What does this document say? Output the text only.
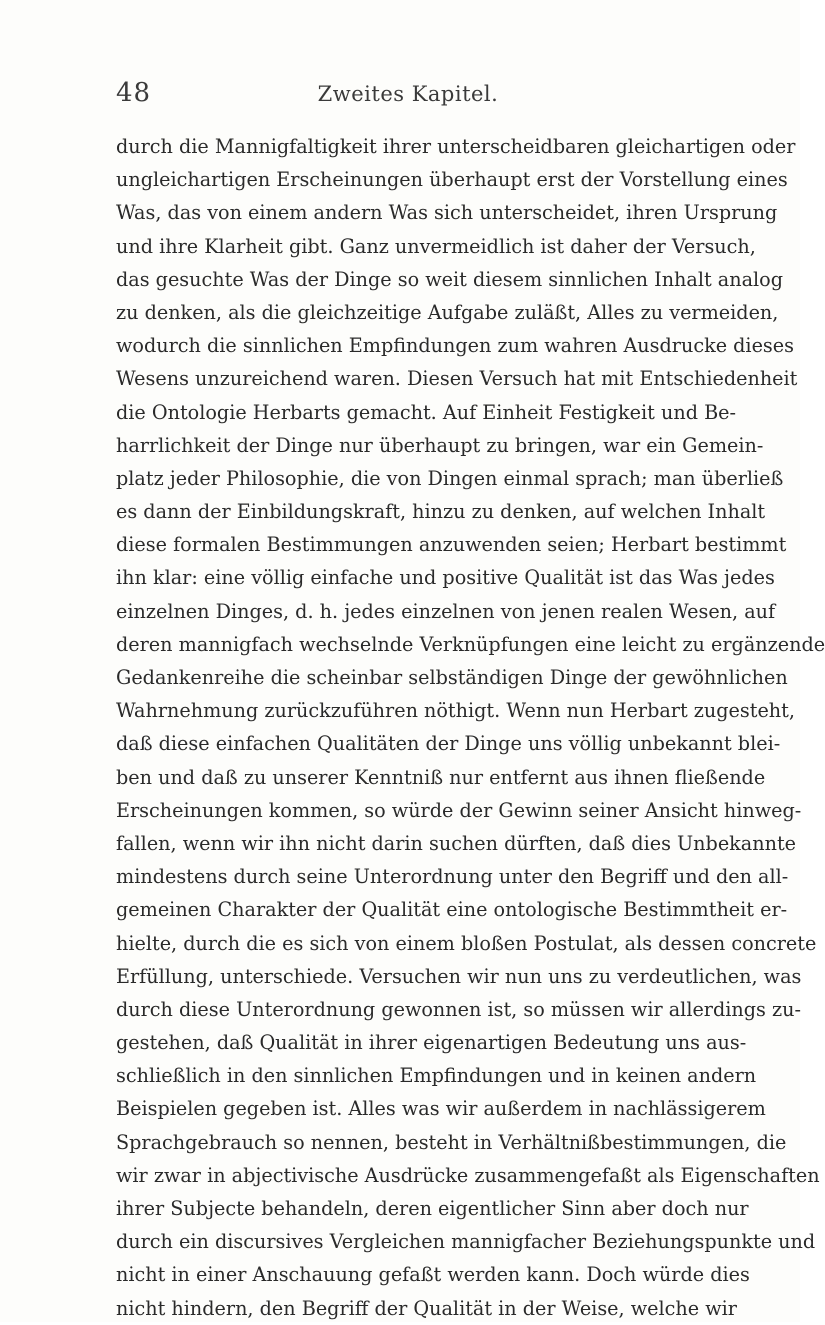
48	Zweites Kapitel.
durch die Mannigfaltigkeit ihrer unterscheidbaren gleichartigen oder
ungleichartigen Erscheinungen überhaupt erst der Vorstellung eines
Was, das von einem andern Was sich unterscheidet, ihren Ursprung
und ihre Klarheit gibt. Ganz unvermeidlich ist daher der Versuch,
das gesuchte Was der Dinge so weit diesem sinnlichen Inhalt analog
zu denken, als die gleichzeitige Aufgabe zuläßt, Alles zu vermeiden,
wodurch die sinnlichen Empfindungen zum wahren Ausdrucke dieses
Wesens unzureichend waren. Diesen Versuch hat mit Entschiedenheit
die Ontologie Herbarts gemacht. Auf Einheit Festigkeit und Be-
harrlichkeit der Dinge nur überhaupt zu bringen, war ein Gemein-
platz jeder Philosophie, die von Dingen einmal sprach; man überließ
es dann der Einbildungskraft, hinzu zu denken, auf welchen Inhalt
diese formalen Bestimmungen anzuwenden seien; Herbart bestimmt
ihn klar: eine völlig einfache und positive Qualität ist das Was jedes
einzelnen Dinges, d. h. jedes einzelnen von jenen realen Wesen, auf
deren mannigfach wechselnde Verknüpfungen eine leicht zu ergänzende
Gedankenreihe die scheinbar selbständigen Dinge der gewöhnlichen
Wahrnehmung zurückzuführen nöthigt. Wenn nun Herbart zugesteht,
daß diese einfachen Qualitäten der Dinge uns völlig unbekannt blei-
ben und daß zu unserer Kenntniß nur entfernt aus ihnen fließende
Erscheinungen kommen, so würde der Gewinn seiner Ansicht hinweg-
fallen, wenn wir ihn nicht darin suchen dürften, daß dies Unbekannte
mindestens durch seine Unterordnung unter den Begriff und den all-
gemeinen Charakter der Qualität eine ontologische Bestimmtheit er-
hielte, durch die es sich von einem bloßen Postulat, als dessen concrete
Erfüllung, unterschiede. Versuchen wir nun uns zu verdeutlichen, was
durch diese Unterordnung gewonnen ist, so müssen wir allerdings zu-
gestehen, daß Qualität in ihrer eigenartigen Bedeutung uns aus-
schließlich in den sinnlichen Empfindungen und in keinen andern
Beispielen gegeben ist. Alles was wir außerdem in nachlässigerem
Sprachgebrauch so nennen, besteht in Verhältnißbestimmungen, die
wir zwar in abjectivische Ausdrücke zusammengefaßt als Eigenschaften
ihrer Subjecte behandeln, deren eigentlicher Sinn aber doch nur
durch ein discursives Vergleichen mannigfacher Beziehungspunkte und
nicht in einer Anschauung gefaßt werden kann. Doch würde dies
nicht hindern, den Begriff der Qualität in der Weise, welche wir
